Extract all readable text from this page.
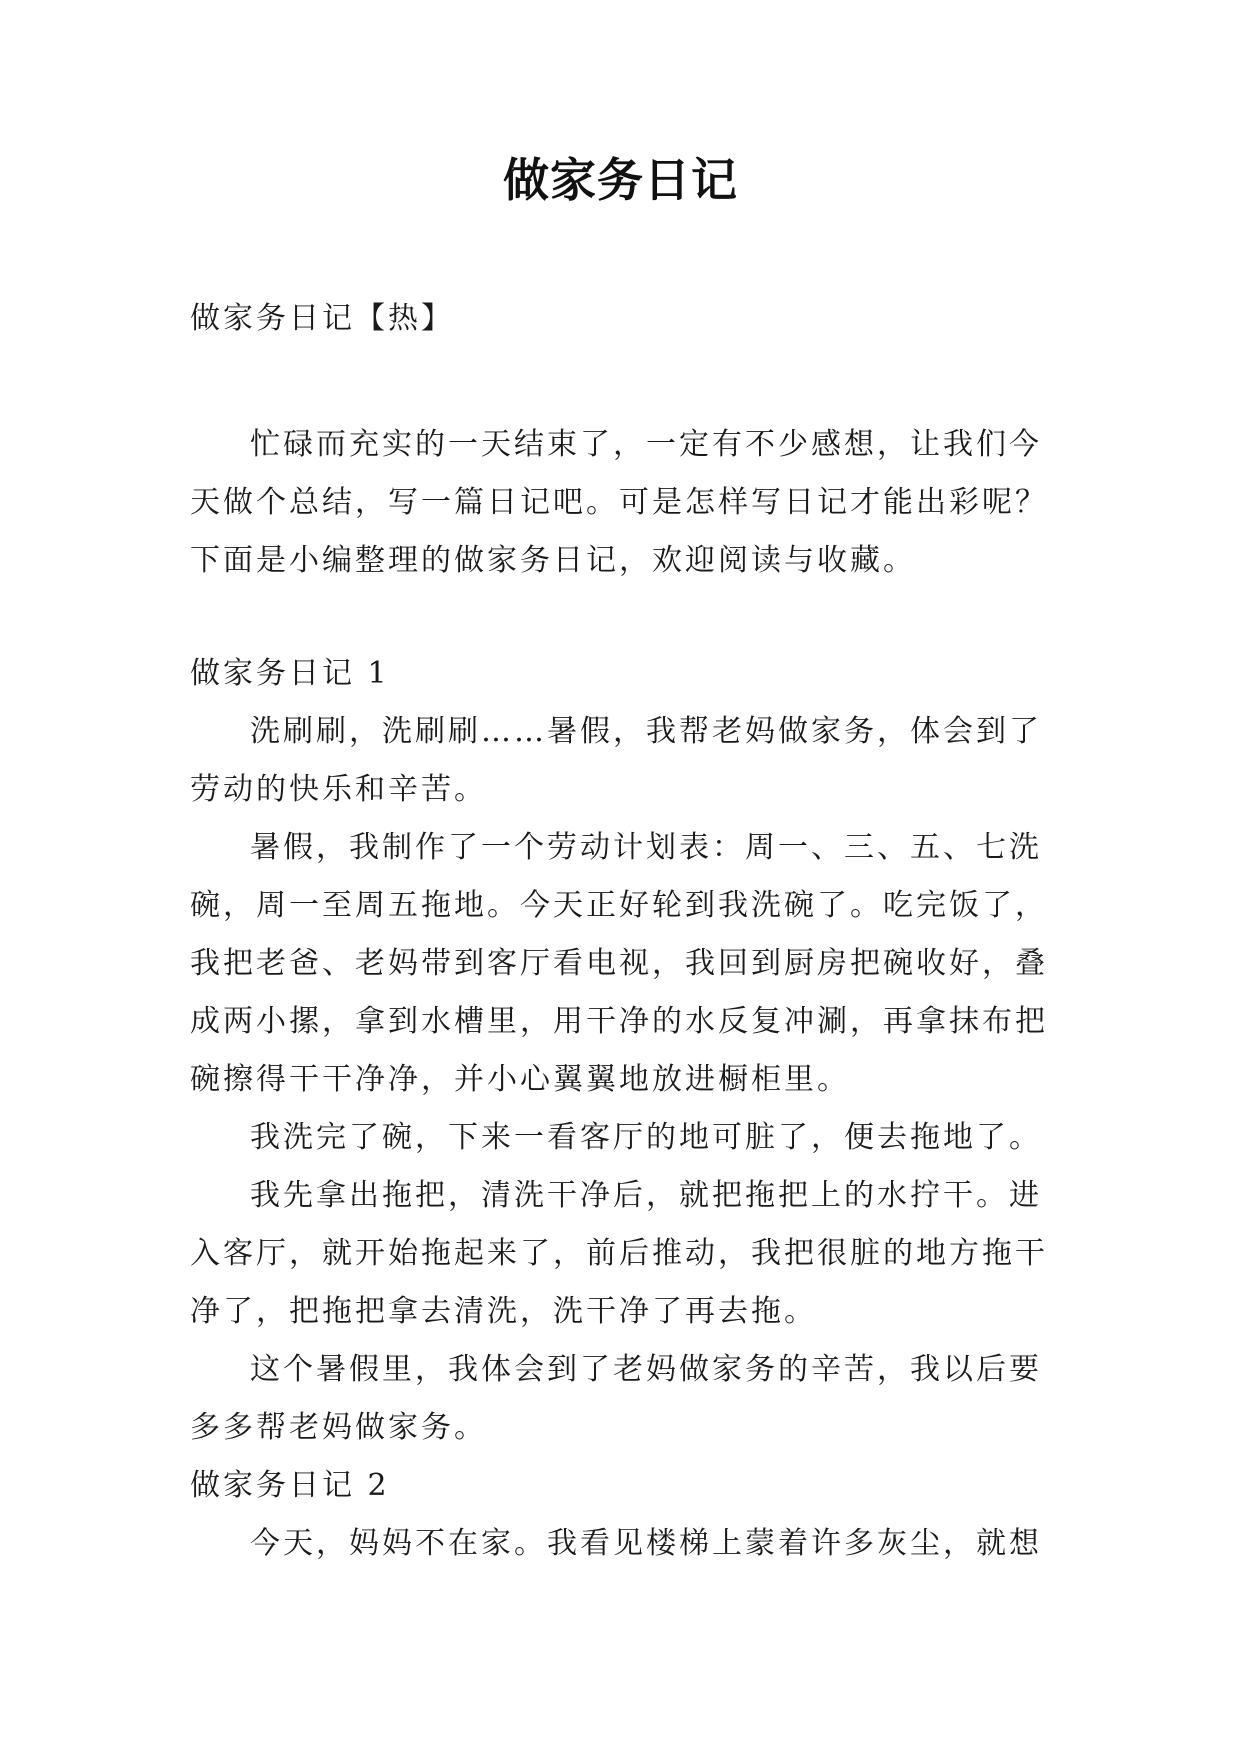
做家务日记

做家务日记【热】

忙碌而充实的一天结束了，一定有不少感想，让我们今天做个总结，写一篇日记吧。可是怎样写日记才能出彩呢？下面是小编整理的做家务日记，欢迎阅读与收藏。

做家务日记 1

洗刷刷，洗刷刷……暑假，我帮老妈做家务，体会到了劳动的快乐和辛苦。

暑假，我制作了一个劳动计划表：周一、三、五、七洗碗，周一至周五拖地。今天正好轮到我洗碗了。吃完饭了，我把老爸、老妈带到客厅看电视，我回到厨房把碗收好，叠成两小摞，拿到水槽里，用干净的水反复冲涮，再拿抹布把碗擦得干干净净，并小心翼翼地放进橱柜里。

我洗完了碗，下来一看客厅的地可脏了，便去拖地了。

我先拿出拖把，清洗干净后，就把拖把上的水拧干。进入客厅，就开始拖起来了，前后推动，我把很脏的地方拖干净了，把拖把拿去清洗，洗干净了再去拖。

这个暑假里，我体会到了老妈做家务的辛苦，我以后要多多帮老妈做家务。

做家务日记 2

今天，妈妈不在家。我看见楼梯上蒙着许多灰尘，就想
